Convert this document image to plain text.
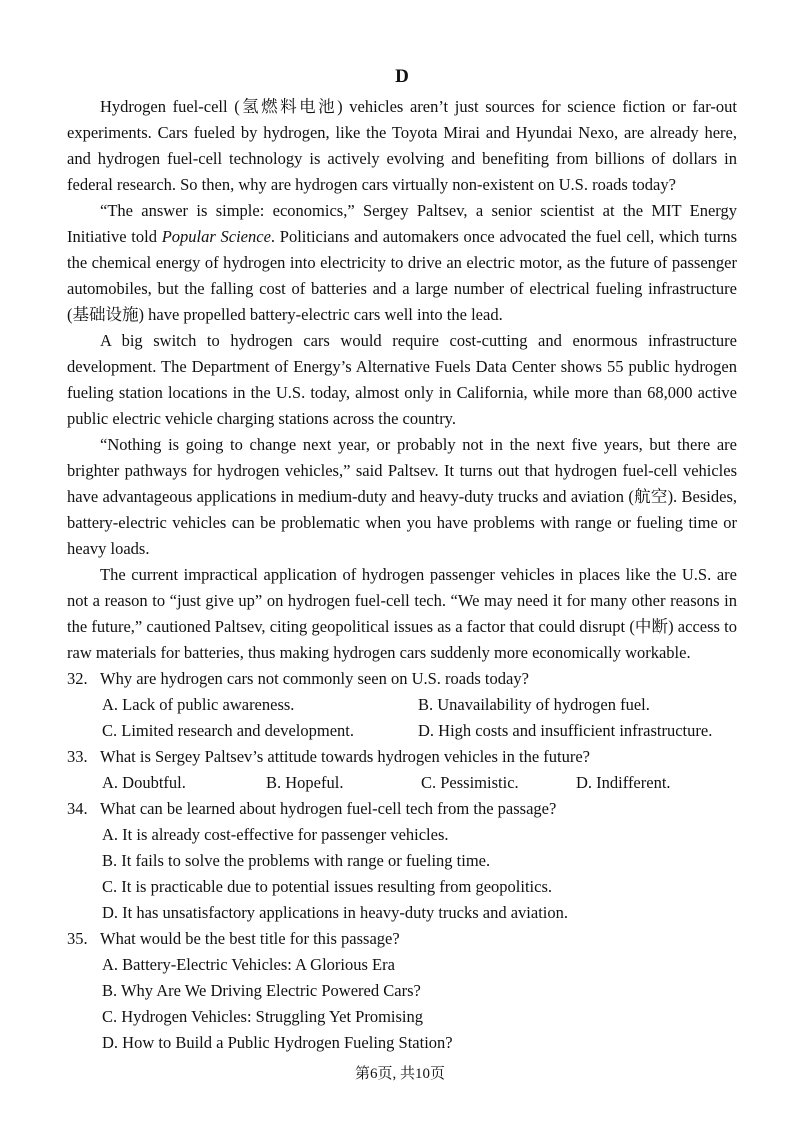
D

Hydrogen fuel-cell (氢燃料电池) vehicles aren’t just sources for science fiction or far-out experiments. Cars fueled by hydrogen, like the Toyota Mirai and Hyundai Nexo, are already here, and hydrogen fuel-cell technology is actively evolving and benefiting from billions of dollars in federal research. So then, why are hydrogen cars virtually non-existent on U.S. roads today?

“The answer is simple: economics,” Sergey Paltsev, a senior scientist at the MIT Energy Initiative told Popular Science. Politicians and automakers once advocated the fuel cell, which turns the chemical energy of hydrogen into electricity to drive an electric motor, as the future of passenger automobiles, but the falling cost of batteries and a large number of electrical fueling infrastructure (基础设施) have propelled battery-electric cars well into the lead.

A big switch to hydrogen cars would require cost-cutting and enormous infrastructure development. The Department of Energy’s Alternative Fuels Data Center shows 55 public hydrogen fueling station locations in the U.S. today, almost only in California, while more than 68,000 active public electric vehicle charging stations across the country.

“Nothing is going to change next year, or probably not in the next five years, but there are brighter pathways for hydrogen vehicles,” said Paltsev. It turns out that hydrogen fuel-cell vehicles have advantageous applications in medium-duty and heavy-duty trucks and aviation (航空). Besides, battery-electric vehicles can be problematic when you have problems with range or fueling time or heavy loads.

The current impractical application of hydrogen passenger vehicles in places like the U.S. are not a reason to “just give up” on hydrogen fuel-cell tech. “We may need it for many other reasons in the future,” cautioned Paltsev, citing geopolitical issues as a factor that could disrupt (中断) access to raw materials for batteries, thus making hydrogen cars suddenly more economically workable.

32. Why are hydrogen cars not commonly seen on U.S. roads today?
A. Lack of public awareness.	B. Unavailability of hydrogen fuel.
C. Limited research and development.	D. High costs and insufficient infrastructure.
33. What is Sergey Paltsev’s attitude towards hydrogen vehicles in the future?
A. Doubtful.	B. Hopeful.	C. Pessimistic.	D. Indifferent.
34. What can be learned about hydrogen fuel-cell tech from the passage?
A. It is already cost-effective for passenger vehicles.
B. It fails to solve the problems with range or fueling time.
C. It is practicable due to potential issues resulting from geopolitics.
D. It has unsatisfactory applications in heavy-duty trucks and aviation.
35. What would be the best title for this passage?
A. Battery-Electric Vehicles: A Glorious Era
B. Why Are We Driving Electric Powered Cars?
C. Hydrogen Vehicles: Struggling Yet Promising
D. How to Build a Public Hydrogen Fueling Station?
第6页, 共10页
